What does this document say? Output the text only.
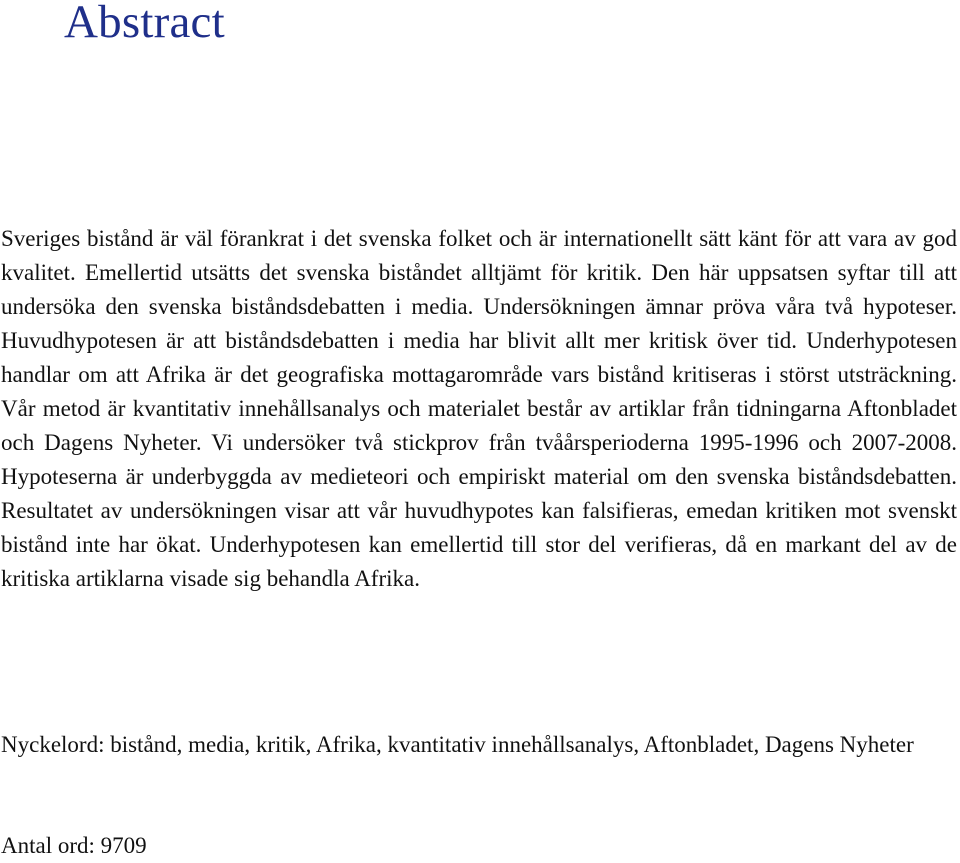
Abstract

Sveriges bistånd är väl förankrat i det svenska folket och är internationellt sätt känt för att vara av god kvalitet. Emellertid utsätts det svenska biståndet alltjämt för kritik. Den här uppsatsen syftar till att undersöka den svenska biståndsdebatten i media. Undersökningen ämnar pröva våra två hypoteser. Huvudhypotesen är att biståndsdebatten i media har blivit allt mer kritisk över tid. Underhypotesen handlar om att Afrika är det geografiska mottagarområde vars bistånd kritiseras i störst utsträckning. Vår metod är kvantitativ innehållsanalys och materialet består av artiklar från tidningarna Aftonbladet och Dagens Nyheter. Vi undersöker två stickprov från tvåårsperioderna 1995-1996 och 2007-2008. Hypoteserna är underbyggda av medieteori och empiriskt material om den svenska biståndsdebatten. Resultatet av undersökningen visar att vår huvudhypotes kan falsifieras, emedan kritiken mot svenskt bistånd inte har ökat. Underhypotesen kan emellertid till stor del verifieras, då en markant del av de kritiska artiklarna visade sig behandla Afrika.

Nyckelord: bistånd, media, kritik, Afrika, kvantitativ innehållsanalys, Aftonbladet, Dagens Nyheter

Antal ord: 9709
